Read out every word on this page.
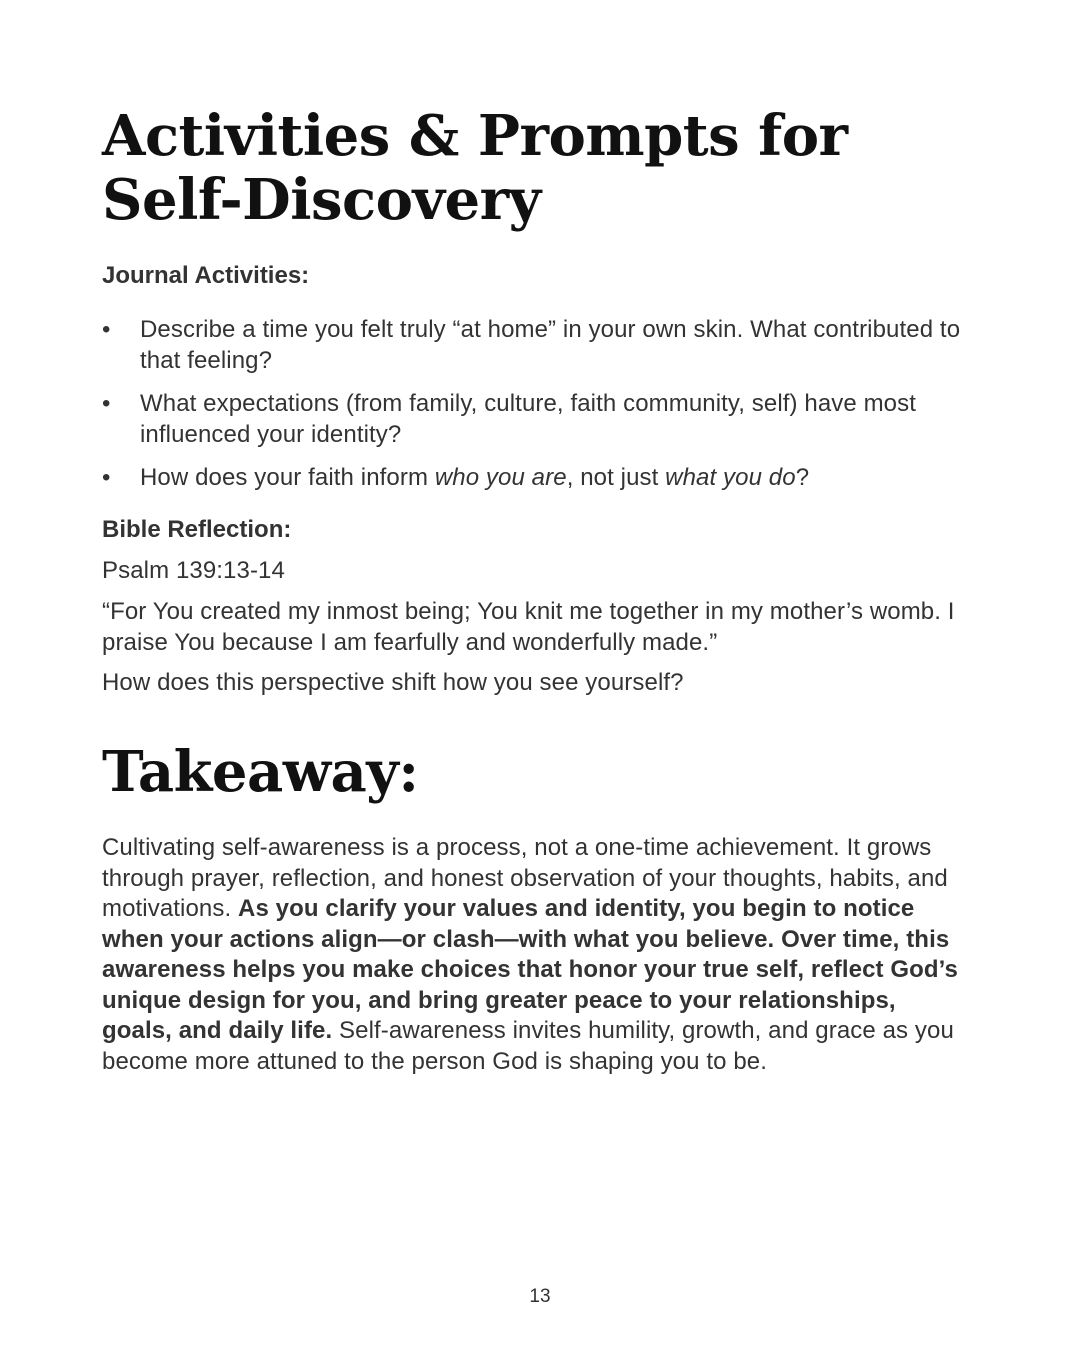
Activities & Prompts for Self-Discovery

Journal Activities:

• Describe a time you felt truly “at home” in your own skin. What contributed to that feeling?
• What expectations (from family, culture, faith community, self) have most influenced your identity?
• How does your faith inform who you are, not just what you do?

Bible Reflection:

Psalm 139:13-14

“For You created my inmost being; You knit me together in my mother’s womb. I praise You because I am fearfully and wonderfully made.”

How does this perspective shift how you see yourself?

Takeaway:

Cultivating self-awareness is a process, not a one-time achievement. It grows through prayer, reflection, and honest observation of your thoughts, habits, and motivations. As you clarify your values and identity, you begin to notice when your actions align—or clash—with what you believe. Over time, this awareness helps you make choices that honor your true self, reflect God’s unique design for you, and bring greater peace to your relationships, goals, and daily life. Self-awareness invites humility, growth, and grace as you become more attuned to the person God is shaping you to be.

13
